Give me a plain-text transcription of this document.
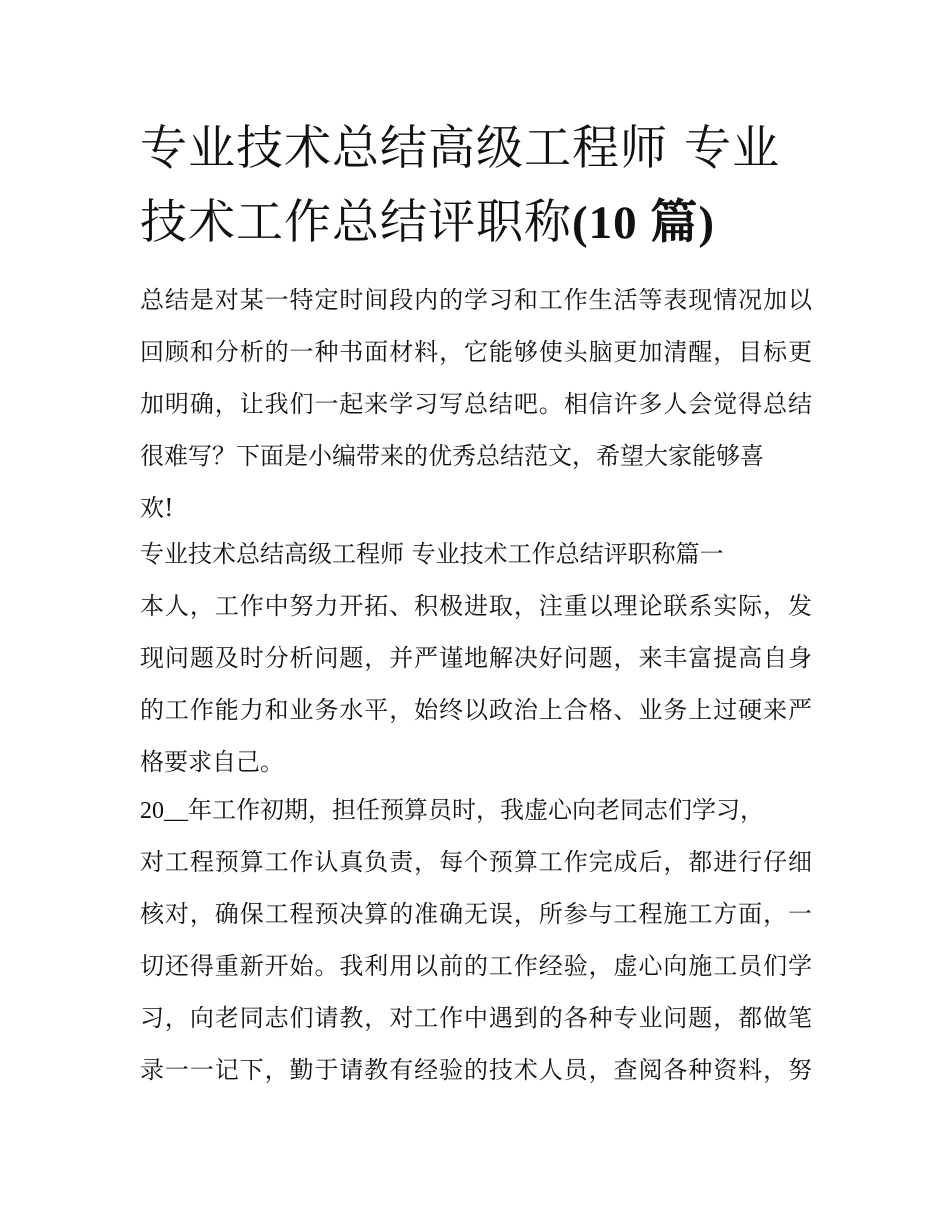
专业技术总结高级工程师 专业
技术工作总结评职称(10 篇)
总结是对某一特定时间段内的学习和工作生活等表现情况加以
回顾和分析的一种书面材料，它能够使头脑更加清醒，目标更
加明确，让我们一起来学习写总结吧。相信许多人会觉得总结
很难写？下面是小编带来的优秀总结范文，希望大家能够喜
欢!
专业技术总结高级工程师 专业技术工作总结评职称篇一
本人，工作中努力开拓、积极进取，注重以理论联系实际，发
现问题及时分析问题，并严谨地解决好问题，来丰富提高自身
的工作能力和业务水平，始终以政治上合格、业务上过硬来严
格要求自己。
20__年工作初期，担任预算员时，我虚心向老同志们学习，
对工程预算工作认真负责，每个预算工作完成后，都进行仔细
核对，确保工程预决算的准确无误，所参与工程施工方面，一
切还得重新开始。我利用以前的工作经验，虚心向施工员们学
习，向老同志们请教，对工作中遇到的各种专业问题，都做笔
录一一记下，勤于请教有经验的技术人员，查阅各种资料，努
